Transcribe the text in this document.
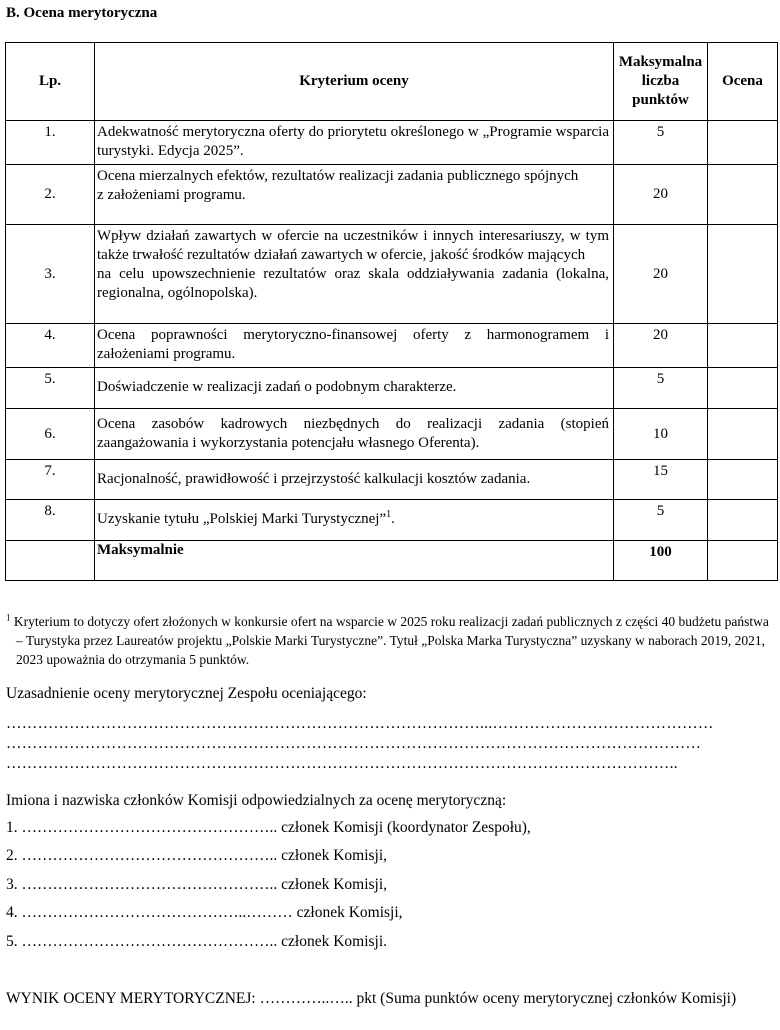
B. Ocena merytoryczna
Lp.	Kryterium oceny	Maksymalna liczba punktów	Ocena
1.	Adekwatność merytoryczna oferty do priorytetu określonego w „Programie wsparcia turystyki. Edycja 2025”.	5	
2.	Ocena mierzalnych efektów, rezultatów realizacji zadania publicznego spójnych
z założeniami programu.	20	
3.	Wpływ działań zawartych w ofercie na uczestników i innych interesariuszy, w tym także trwałość rezultatów działań zawartych w ofercie, jakość środków mających
na celu upowszechnienie rezultatów oraz skala oddziaływania zadania (lokalna, regionalna, ogólnopolska).	20	
4.	Ocena poprawności merytoryczno-finansowej oferty z harmonogramem i założeniami programu.	20	
5.	Doświadczenie w realizacji zadań o podobnym charakterze.	5	
6.	Ocena zasobów kadrowych niezbędnych do realizacji zadania (stopień zaangażowania i wykorzystania potencjału własnego Oferenta).	10	
7.	Racjonalność, prawidłowość i przejrzystość kalkulacji kosztów zadania.	15	
8.	Uzyskanie tytułu „Polskiej Marki Turystycznej”$^1$.	5	
	Maksymalnie	100	
$^1$ Kryterium to dotyczy ofert złożonych w konkursie ofert na wsparcie w 2025 roku realizacji zadań publicznych z części 40 budżetu państwa – Turystyka przez Laureatów projektu „Polskie Marki Turystyczne”. Tytuł „Polska Marka Turystyczna” uzyskany w naborach 2019, 2021, 2023 upoważnia do otrzymania 5 punktów.
Uzasadnienie oceny merytorycznej Zespołu oceniającego:
………………………………………………………………………………...……………………………………
……………………………………………………………………………………………………………………
………………………………………………………………………………………………………………..
Imiona i nazwiska członków Komisji odpowiedzialnych za ocenę merytoryczną:
1. ………………………………………….. członek Komisji (koordynator Zespołu),
2. ………………………………………….. członek Komisji,
3. ………………………………………….. członek Komisji,
4. ……………………………………..……… członek Komisji,
5. ………………………………………….. członek Komisji.
WYNIK OCENY MERYTORYCZNEJ: …………..….. pkt (Suma punktów oceny merytorycznej członków Komisji)
